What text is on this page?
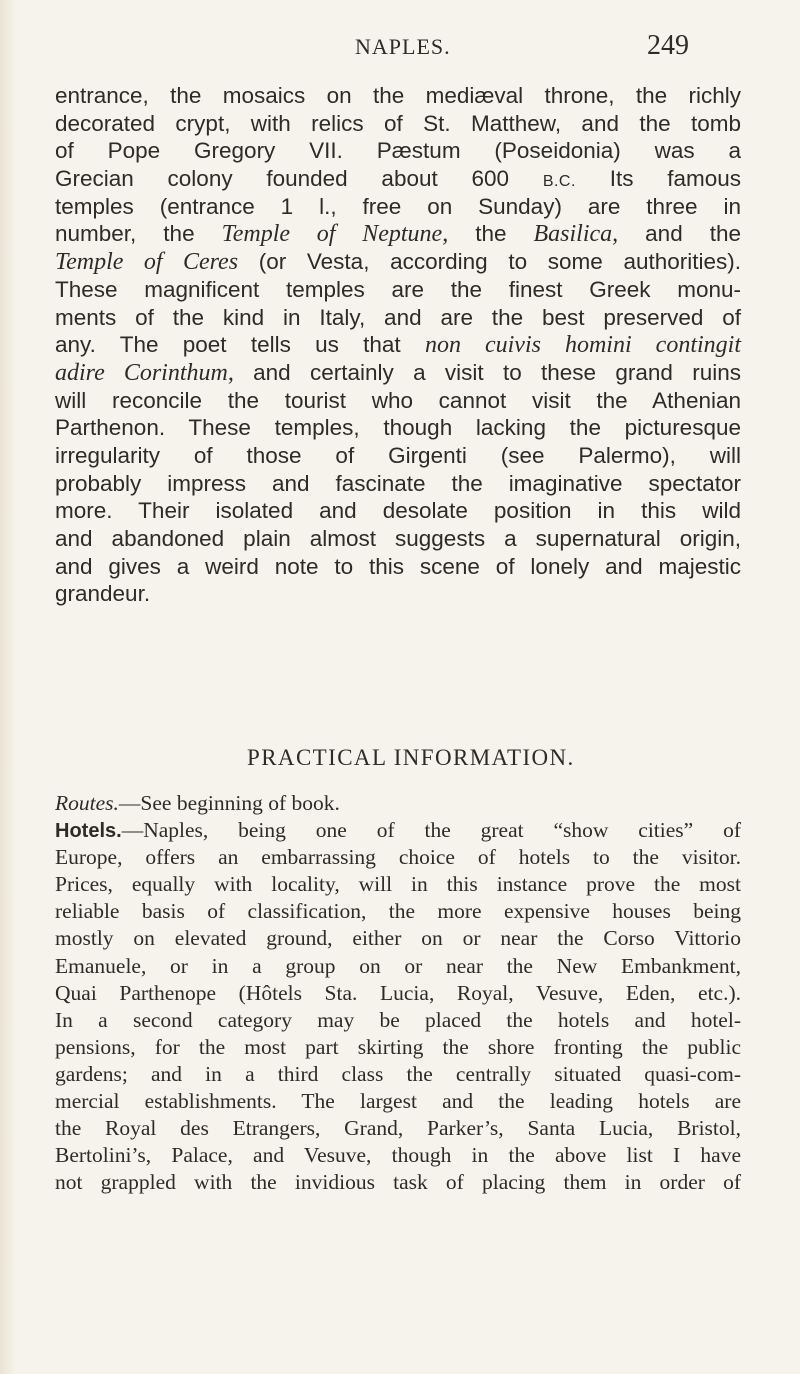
NAPLES.	249

entrance, the mosaics on the mediæval throne, the richly

decorated crypt, with relics of St. Matthew, and the tomb

of Pope Gregory VII. Pæstum (Poseidonia) was a

Grecian colony founded about 600 B.C. Its famous

temples (entrance 1 l., free on Sunday) are three in

number, the Temple of Neptune, the Basilica, and the

Temple of Ceres (or Vesta, according to some authorities).

These magnificent temples are the finest Greek monu-

ments of the kind in Italy, and are the best preserved of

any. The poet tells us that non cuivis homini contingit

adire Corinthum, and certainly a visit to these grand ruins

will reconcile the tourist who cannot visit the Athenian

Parthenon. These temples, though lacking the picturesque

irregularity of those of Girgenti (see Palermo), will

probably impress and fascinate the imaginative spectator

more. Their isolated and desolate position in this wild

and abandoned plain almost suggests a supernatural origin,

and gives a weird note to this scene of lonely and majestic

grandeur.

PRACTICAL INFORMATION.

Routes.—See beginning of book.

Hotels.—Naples, being one of the great “show cities” of

Europe, offers an embarrassing choice of hotels to the visitor.

Prices, equally with locality, will in this instance prove the most

reliable basis of classification, the more expensive houses being

mostly on elevated ground, either on or near the Corso Vittorio

Emanuele, or in a group on or near the New Embankment,

Quai Parthenope (Hôtels Sta. Lucia, Royal, Vesuve, Eden, etc.).

In a second category may be placed the hotels and hotel-

pensions, for the most part skirting the shore fronting the public

gardens; and in a third class the centrally situated quasi-com-

mercial establishments. The largest and the leading hotels are

the Royal des Etrangers, Grand, Parker’s, Santa Lucia, Bristol,

Bertolini’s, Palace, and Vesuve, though in the above list I have

not grappled with the invidious task of placing them in order of
